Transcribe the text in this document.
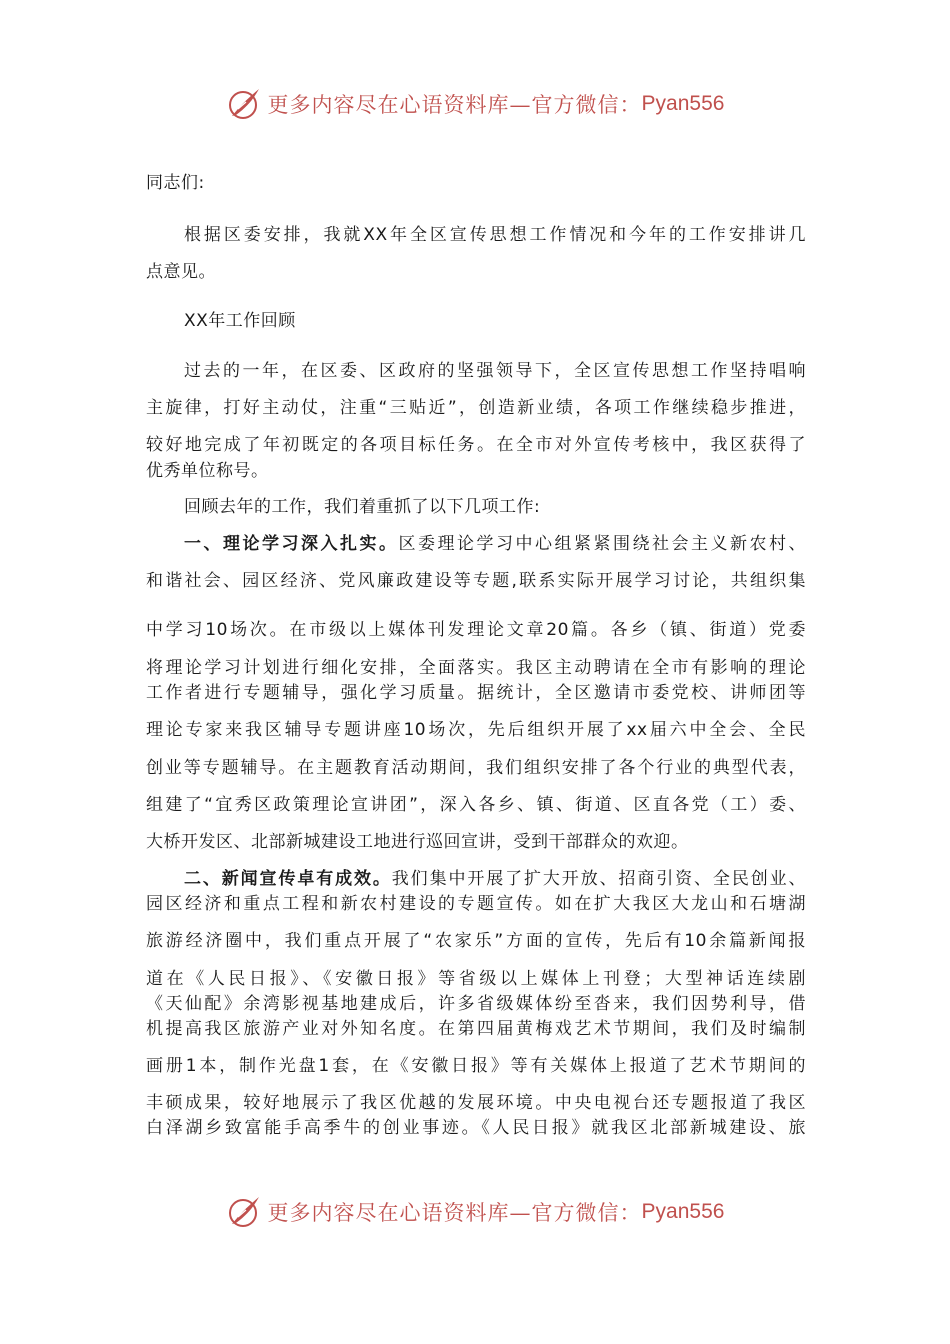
更多内容尽在心语资料库—官方微信： Pyan556
同志们:
根据区委安排，我就XX年全区宣传思想工作情况和今年的工作安排讲几
点意见。
XX年工作回顾
过去的一年，在区委、区政府的坚强领导下，全区宣传思想工作坚持唱响
主旋律，打好主动仗，注重“三贴近”，创造新业绩，各项工作继续稳步推进，
较好地完成了年初既定的各项目标任务。在全市对外宣传考核中，我区获得了
优秀单位称号。
回顾去年的工作，我们着重抓了以下几项工作:
一、理论学习深入扎实。区委理论学习中心组紧紧围绕社会主义新农村、
和谐社会、园区经济、党风廉政建设等专题,联系实际开展学习讨论，共组织集
中学习10场次。在市级以上媒体刊发理论文章20篇。各乡（镇、街道）党委
将理论学习计划进行细化安排，全面落实。我区主动聘请在全市有影响的理论
工作者进行专题辅导，强化学习质量。据统计，全区邀请市委党校、讲师团等
理论专家来我区辅导专题讲座10场次，先后组织开展了xx届六中全会、全民
创业等专题辅导。在主题教育活动期间，我们组织安排了各个行业的典型代表，
组建了“宜秀区政策理论宣讲团”，深入各乡、镇、街道、区直各党（工）委、
大桥开发区、北部新城建设工地进行巡回宣讲，受到干部群众的欢迎。
二、新闻宣传卓有成效。我们集中开展了扩大开放、招商引资、全民创业、
园区经济和重点工程和新农村建设的专题宣传。如在扩大我区大龙山和石塘湖
旅游经济圈中，我们重点开展了“农家乐”方面的宣传，先后有10余篇新闻报
道在《人民日报》、《安徽日报》等省级以上媒体上刊登；大型神话连续剧
《天仙配》余湾影视基地建成后，许多省级媒体纷至沓来，我们因势利导，借
机提高我区旅游产业对外知名度。在第四届黄梅戏艺术节期间，我们及时编制
画册1本，制作光盘1套，在《安徽日报》等有关媒体上报道了艺术节期间的
丰硕成果，较好地展示了我区优越的发展环境。中央电视台还专题报道了我区
白泽湖乡致富能手高季牛的创业事迹。《人民日报》就我区北部新城建设、旅
更多内容尽在心语资料库—官方微信： Pyan556
